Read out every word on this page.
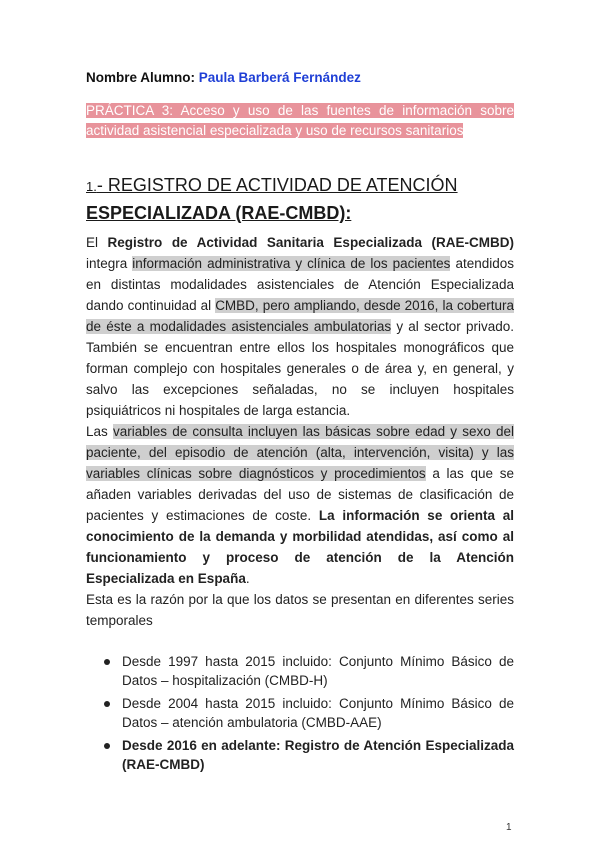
Nombre Alumno: Paula Barberá Fernández
PRÁCTICA 3: Acceso y uso de las fuentes de información sobre actividad asistencial especializada y uso de recursos sanitarios
1.- REGISTRO DE ACTIVIDAD DE ATENCIÓN
ESPECIALIZADA (RAE-CMBD):

El Registro de Actividad Sanitaria Especializada (RAE-CMBD) integra información administrativa y clínica de los pacientes atendidos en distintas modalidades asistenciales de Atención Especializada dando continuidad al CMBD, pero ampliando, desde 2016, la cobertura de éste a modalidades asistenciales ambulatorias y al sector privado. También se encuentran entre ellos los hospitales monográficos que forman complejo con hospitales generales o de área y, en general, y salvo las excepciones señaladas, no se incluyen hospitales psiquiátricos ni hospitales de larga estancia.

Las variables de consulta incluyen las básicas sobre edad y sexo del paciente, del episodio de atención (alta, intervención, visita) y las variables clínicas sobre diagnósticos y procedimientos a las que se añaden variables derivadas del uso de sistemas de clasificación de pacientes y estimaciones de coste. La información se orienta al conocimiento de la demanda y morbilidad atendidas, así como al funcionamiento y proceso de atención de la Atención Especializada en España.

Esta es la razón por la que los datos se presentan en diferentes series temporales

Desde 1997 hasta 2015 incluido: Conjunto Mínimo Básico de Datos – hospitalización (CMBD-H)
Desde 2004 hasta 2015 incluido: Conjunto Mínimo Básico de Datos – atención ambulatoria (CMBD-AAE)
Desde 2016 en adelante: Registro de Atención Especializada (RAE-CMBD)
1
